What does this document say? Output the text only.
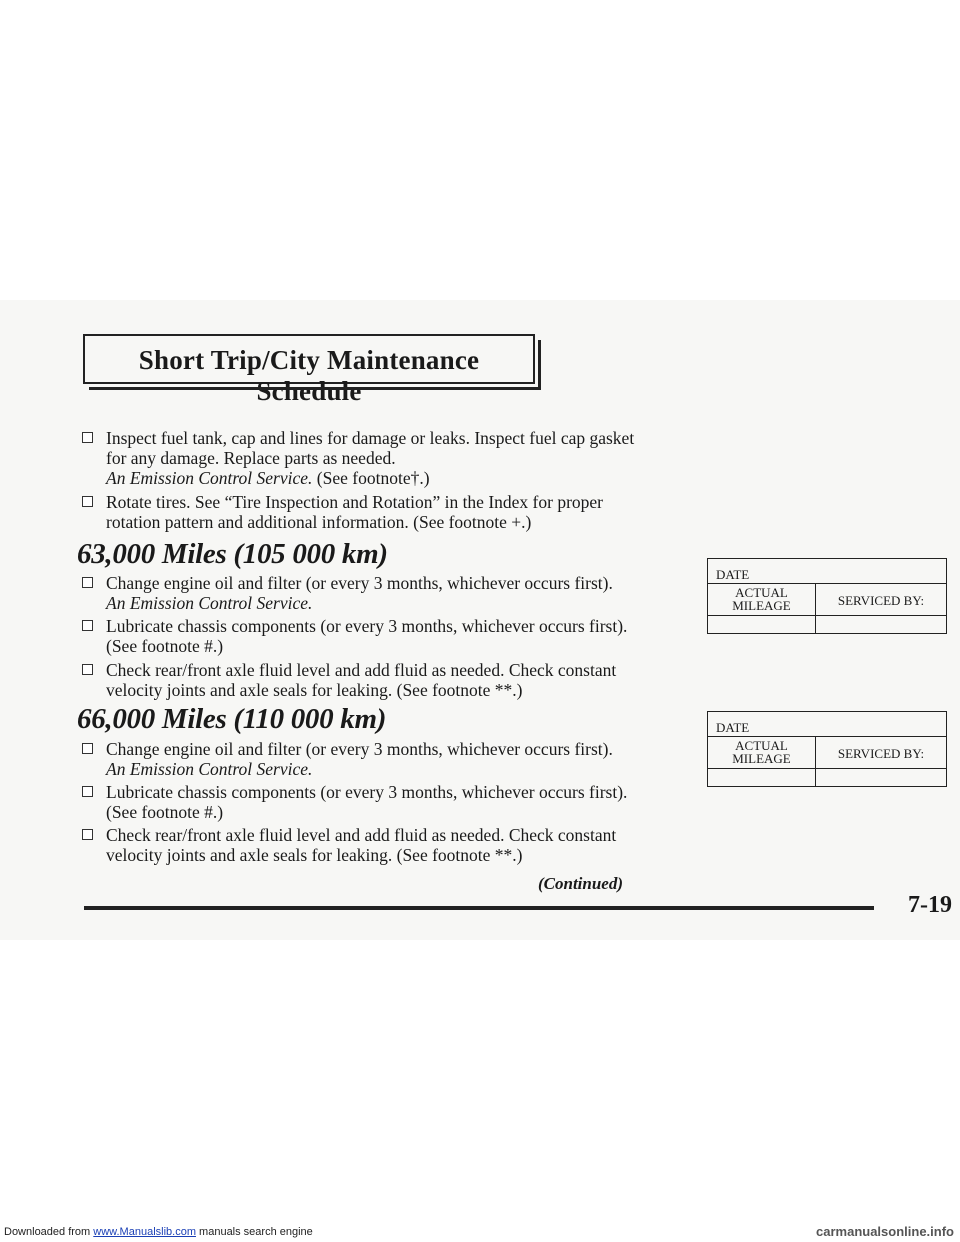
Short Trip/City Maintenance Schedule
Inspect fuel tank, cap and lines for damage or leaks. Inspect fuel cap gasket
for any damage. Replace parts as needed.
An Emission Control Service. (See footnote†.)
Rotate tires. See “Tire Inspection and Rotation” in the Index for proper
rotation pattern and additional information. (See footnote +.)
63,000 Miles (105 000 km)
Change engine oil and filter (or every 3 months, whichever occurs first).
An Emission Control Service.
Lubricate chassis components (or every 3 months, whichever occurs first).
(See footnote #.)
Check rear/front axle fluid level and add fluid as needed. Check constant
velocity joints and axle seals for leaking. (See footnote **.)
DATE
ACTUAL
MILEAGE	SERVICED BY:
66,000 Miles (110 000 km)
Change engine oil and filter (or every 3 months, whichever occurs first).
An Emission Control Service.
Lubricate chassis components (or every 3 months, whichever occurs first).
(See footnote #.)
Check rear/front axle fluid level and add fluid as needed. Check constant
velocity joints and axle seals for leaking. (See footnote **.)
DATE
ACTUAL
MILEAGE	SERVICED BY:
(Continued)
7-19
Downloaded from www.Manualslib.com manuals search engine	carmanualsonline.info
